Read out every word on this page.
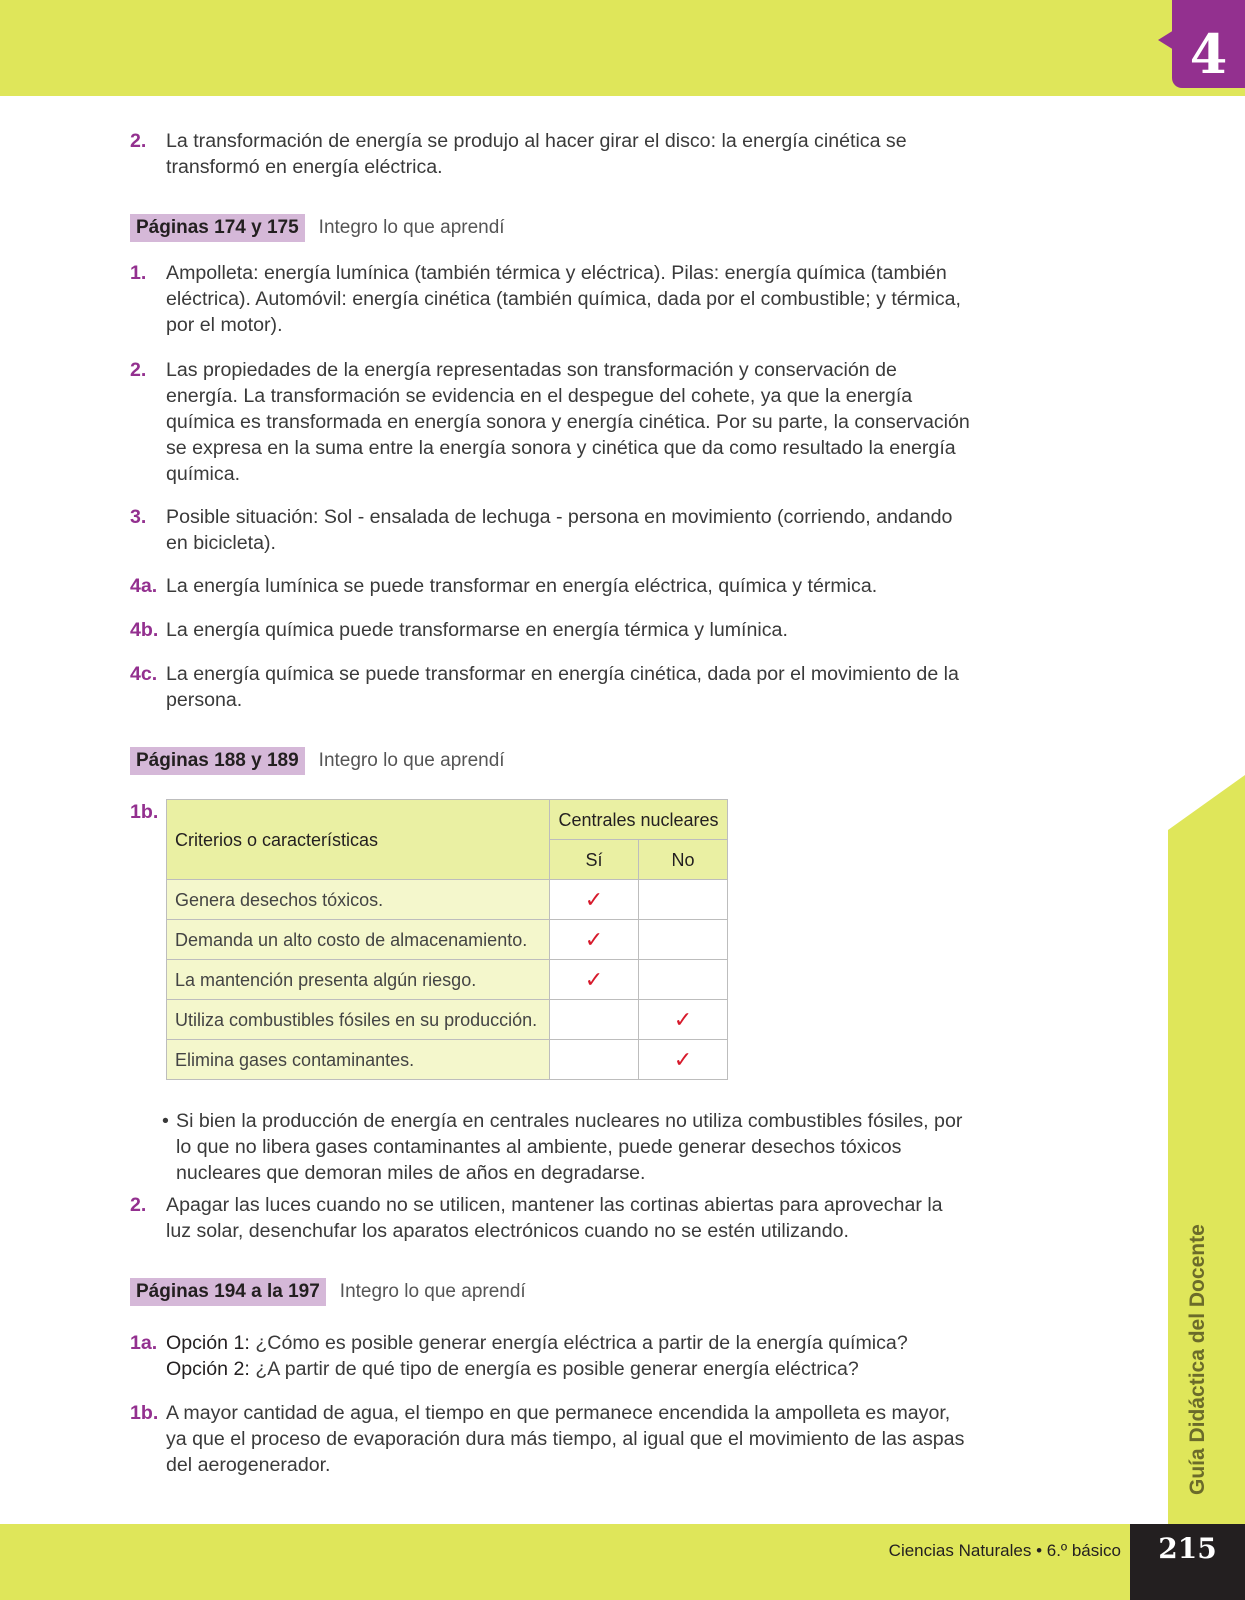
4
Guía Didáctica del Docente
Ciencias Naturales • 6.º básico	215
2. La transformación de energía se produjo al hacer girar el disco: la energía cinética se transformó en energía eléctrica.
Páginas 174 y 175	Integro lo que aprendí
1. Ampolleta: energía lumínica (también térmica y eléctrica). Pilas: energía química (también eléctrica). Automóvil: energía cinética (también química, dada por el combustible; y térmica, por el motor).
2. Las propiedades de la energía representadas son transformación y conservación de energía. La transformación se evidencia en el despegue del cohete, ya que la energía química es transformada en energía sonora y energía cinética. Por su parte, la conservación se expresa en la suma entre la energía sonora y cinética que da como resultado la energía química.
3. Posible situación: Sol - ensalada de lechuga - persona en movimiento (corriendo, andando en bicicleta).
4a. La energía lumínica se puede transformar en energía eléctrica, química y térmica.
4b. La energía química puede transformarse en energía térmica y lumínica.
4c. La energía química se puede transformar en energía cinética, dada por el movimiento de la persona.
Páginas 188 y 189	Integro lo que aprendí
1b.
Criterios o características	Centrales nucleares	
	Sí	No
Genera desechos tóxicos.	✓	
Demanda un alto costo de almacenamiento.	✓	
La mantención presenta algún riesgo.	✓	
Utiliza combustibles fósiles en su producción.		✓
Elimina gases contaminantes.		✓
• Si bien la producción de energía en centrales nucleares no utiliza combustibles fósiles, por lo que no libera gases contaminantes al ambiente, puede generar desechos tóxicos nucleares que demoran miles de años en degradarse.
2. Apagar las luces cuando no se utilicen, mantener las cortinas abiertas para aprovechar la luz solar, desenchufar los aparatos electrónicos cuando no se estén utilizando.
Páginas 194 a la 197	Integro lo que aprendí
1a. Opción 1: ¿Cómo es posible generar energía eléctrica a partir de la energía química?
Opción 2: ¿A partir de qué tipo de energía es posible generar energía eléctrica?
1b. A mayor cantidad de agua, el tiempo en que permanece encendida la ampolleta es mayor, ya que el proceso de evaporación dura más tiempo, al igual que el movimiento de las aspas del aerogenerador.
